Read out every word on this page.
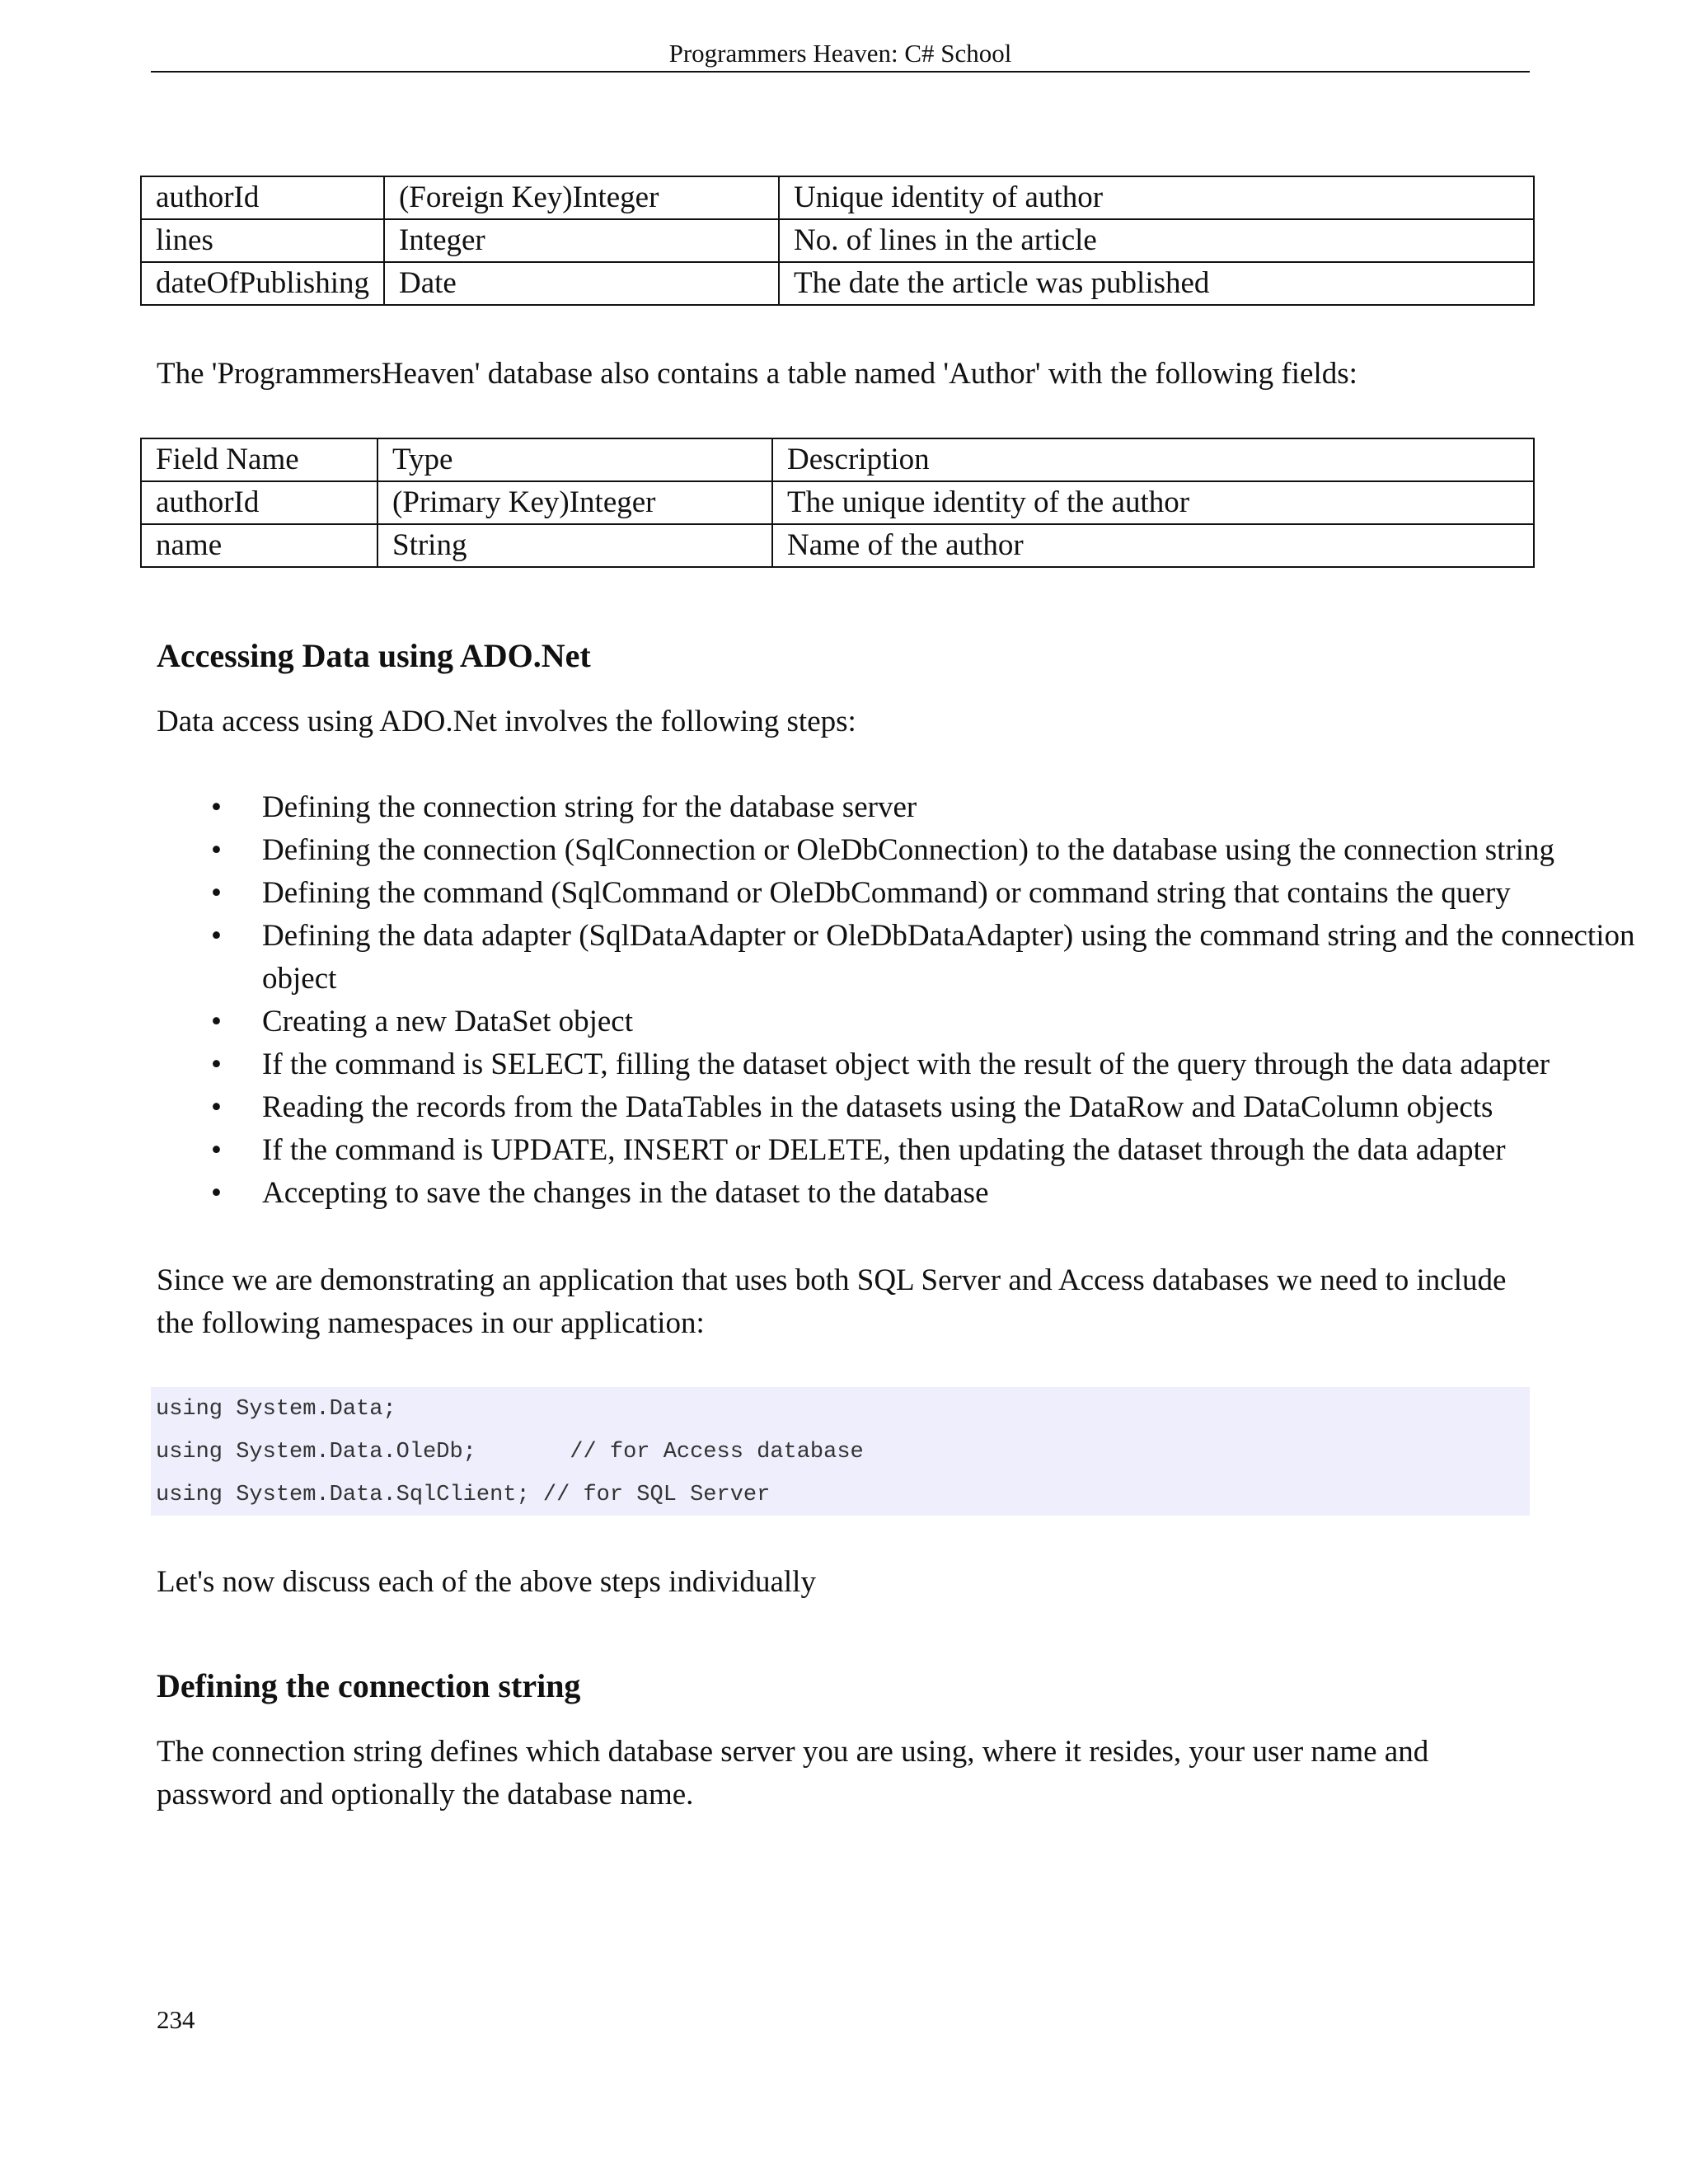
Programmers Heaven: C# School
authorId	(Foreign Key)Integer	Unique identity of author
lines	Integer	No. of lines in the article
dateOfPublishing	Date	The date the article was published

The 'ProgrammersHeaven' database also contains a table named 'Author' with the following fields:

Field Name	Type	Description
authorId	(Primary Key)Integer	The unique identity of the author
name	String	Name of the author
Accessing Data using ADO.Net

Data access using ADO.Net involves the following steps:

• Defining the connection string for the database server
• Defining the connection (SqlConnection or OleDbConnection) to the database using the connection string
• Defining the command (SqlCommand or OleDbCommand) or command string that contains the query
• Defining the data adapter (SqlDataAdapter or OleDbDataAdapter) using the command string and the connection object
• Creating a new DataSet object
• If the command is SELECT, filling the dataset object with the result of the query through the data adapter
• Reading the records from the DataTables in the datasets using the DataRow and DataColumn objects
• If the command is UPDATE, INSERT or DELETE, then updating the dataset through the data adapter
• Accepting to save the changes in the dataset to the database

Since we are demonstrating an application that uses both SQL Server and Access databases we need to include the following namespaces in our application:

using System.Data;
using System.Data.OleDb;       // for Access database
using System.Data.SqlClient; // for SQL Server

Let's now discuss each of the above steps individually

Defining the connection string

The connection string defines which database server you are using, where it resides, your user name and password and optionally the database name.

234
